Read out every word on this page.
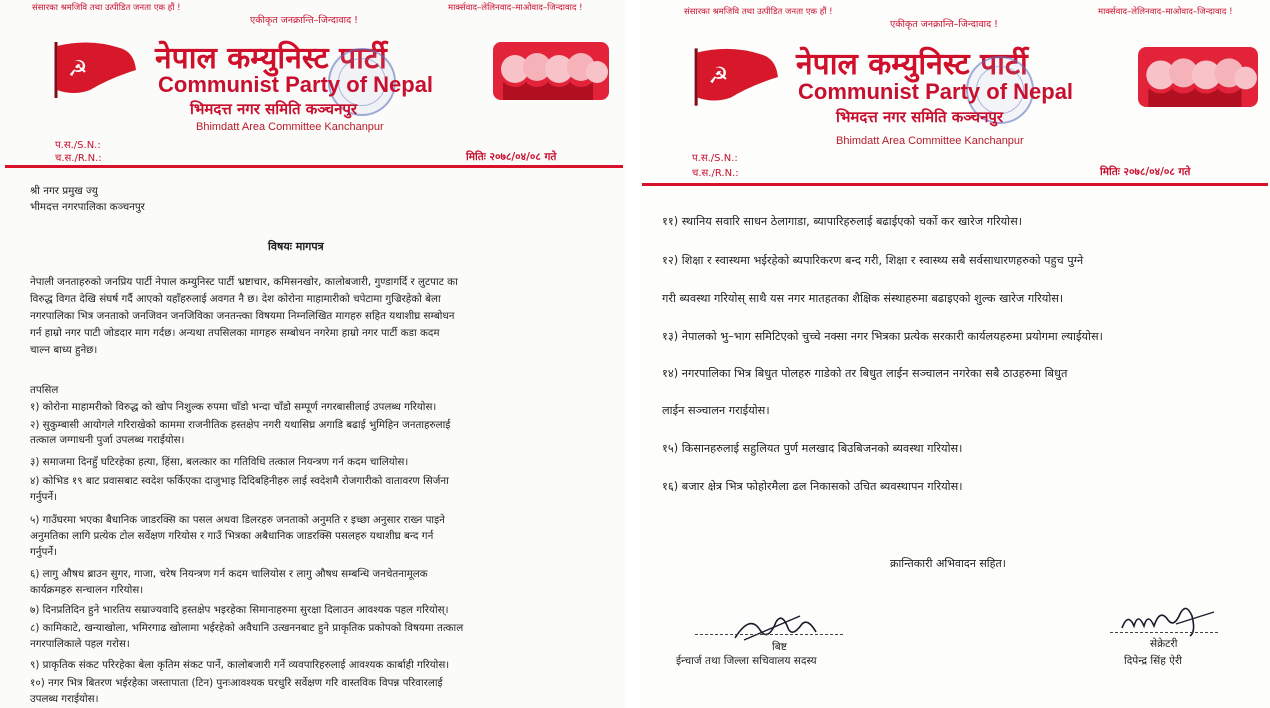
संसारका श्रमजिवि तथा उत्पीडित जनता एक हौं !
एकीकृत जनक्रान्ति–जिन्दावाद !
मार्क्सवाद–लेलिनवाद–माओवाद–जिन्दावाद !
☭ नेपाल कम्युनिस्ट पार्टी
Communist Party of Nepal
भिमदत्त नगर समिति कञ्चनपुर
Bhimdatt Area Committee Kanchanpur
प.स./S.N.:
च.स./R.N.:	मितिः २०७८/०४/०८ गते
श्री नगर प्रमुख ज्यु
भीमदत्त नगरपालिका कञ्चनपुर
विषयः मागपत्र
नेपाली जनताहरुको जनप्रिय पार्टी नेपाल कम्युनिस्ट पार्टी भ्रष्टाचार, कमिसनखोर, कालोबजारी, गुण्डागर्दि र लुटपाट का
विरुद्ध विगत देखि संघर्ष गर्दै आएको यहाँहरुलाई अवगत नै छ। देश कोरोना माहामारीको चपेटामा गुज्रिरहेको बेला
नगरपालिका भित्र जनताको जनजिवन जनजिविका जनतन्त्का विषयमा निम्नलिखित मागहरु सहित यथाशीघ्र सम्बोधन
गर्न हाम्रो नगर पाटी जोडदार माग गर्दछ। अन्यथा तपसिलका मागहरु सम्बोधन नगरेमा हाम्रो नगर पार्टी कडा कदम
चाल्न बाध्य हुनेछ।
तपसिल
१) कोरोना माहामरीको विरुद्ध को खोप निशुल्क रुपमा चाँडो भन्दा चाँडो सम्पूर्ण नगरबासीलाई उपलब्ध गरियोस।
२) सुकुम्बासी आयोगले गरिराखेको काममा राजनीतिक हस्तक्षेप नगरी यथासिघ्र अगाडि बढाई भुमिहिन जनताहरुलाई
तत्काल जग्गाधनी पुर्जा उपलब्ध गराईयोस।
३) समाजमा दिनहुँ घटिरहेका हत्या, हिंसा, बलत्कार का गतिविधि तत्काल नियन्त्रण गर्न कदम चालियोस।
४) कोभिड १९ बाट प्रवासबाट स्वदेश फर्किएका दाजुभाइ दिदिबहिनीहरु लाई स्वदेशमै रोजगारीको वातावरण सिर्जना
गर्नुपर्ने।
५) गाउँघरमा भएका बैधानिक जाडरक्सि का पसल अथवा डिलरहरु जनताको अनुमति र इच्छा अनुसार राख्न पाइने
अनुमतिका लागि प्रत्येक टोल सर्वेक्षण गरियोस र गाउँ भित्रका अबैधानिक जाडरक्सि पसलहरु यथाशीघ्र बन्द गर्न
गर्नुपर्ने।
६) लागु औषध ब्राउन सुगर, गाजा, चरेष नियन्त्रण गर्न कदम चालियोस र लागु औषध सम्बन्धि जनचेतनामूलक
कार्यक्रमहरु सन्चालन गरियोस।
७) दिनप्रतिदिन हुने भारतिय सम्राज्यवादि हस्तक्षेप भइरहेका सिमानाहरुमा सुरक्षा दिलाउन आवश्यक पहल गरियोस्।
८) कामिकाटे, खन्याखोला, भमिरगाढ खोलामा भईरहेको अवैधानि उत्खननबाट हुने प्राकृतिक प्रकोपको विषयमा तत्काल
नगरपालिकाले पहल गरोस।
९) प्राकृतिक संकट परिरहेका बेला कृतिम संकट पार्ने, कालोबजारी गर्ने व्यवपारिहरुलाई आवश्यक कार्बाही गरियोस।
१०) नगर भित्र बितरण भईरहेका जस्तापाता (टिन) पुनःआवश्यक घरधुरि सर्वेक्षण गरि वास्तविक विपन्न परिवारलाई
उपलब्ध गराईयोस।
संसारका श्रमजिवि तथा उत्पीडित जनता एक हौं !
एकीकृत जनक्रान्ति–जिन्दावाद !
मार्क्सवाद–लेलिनवाद–माओवाद–जिन्दावाद !
☭ नेपाल कम्युनिस्ट पार्टी
Communist Party of Nepal
भिमदत्त नगर समिति कञ्चनपुर
Bhimdatt Area Committee Kanchanpur
प.स./S.N.:
च.स./R.N.:	मितिः २०७८/०४/०८ गते
११) स्थानिय सवारि साधन ठेलागाडा, ब्यापारिहरुलाई बढाईएको चर्को कर खारेज गरियोस।
१२) शिक्षा र स्वास्थमा भईरहेको ब्यपारिकरण बन्द गरी, शिक्षा र स्वास्थ्य सबै सर्वसाधारणहरुको पहुच पुग्ने
गरी ब्यवस्था गरियोस् साथै यस नगर मातहतका शैक्षिक संस्थाहरुमा बढाइएको शुल्क खारेज गरियोस।
१३) नेपालको भु–भाग समिटिएको चुच्चे नक्सा नगर भित्रका प्रत्येक सरकारी कार्यलयहरुमा प्रयोगमा ल्याईयोस।
१४) नगरपालिका भित्र बिधुत पोलहरु गाडेको तर बिधुत लाईन सञ्चालन नगरेका सबै ठाउहरुमा बिधुत
लाईन सञ्चालन गराईयोस।
१५) किसानहरुलाई सहुलियत पुर्ण मलखाद बिउबिजनको ब्यवस्था गरियोस।
१६) बजार क्षेत्र भित्र फोहोरमैला ढल निकासको उचित ब्यवस्थापन गरियोस।
क्रान्तिकारी अभिवादन सहित।
बिष्ट
ईन्चार्ज तथा जिल्ला सचिवालय सदस्य
सेक्रेटरी
दिपेन्द्र सिंह ऐरी
